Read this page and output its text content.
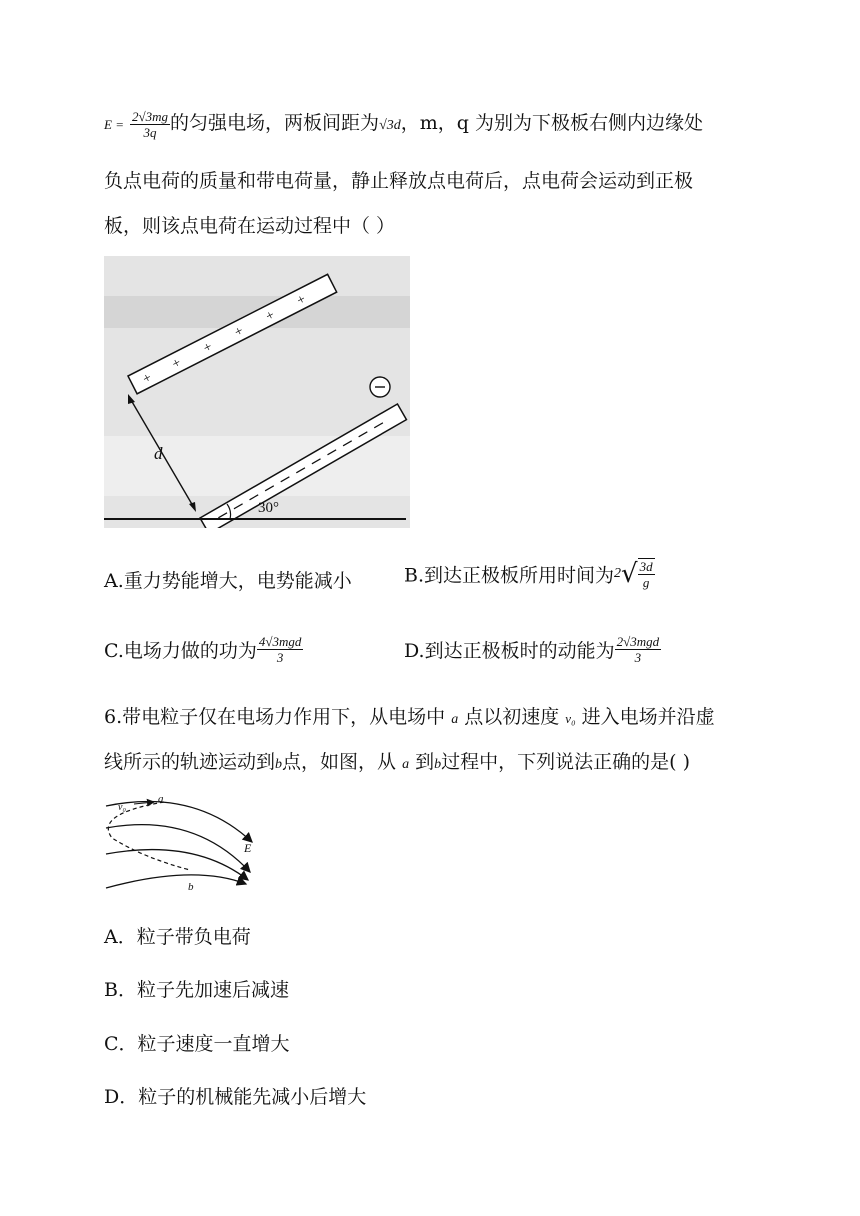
$E = \frac{2√3mg}{3q}$ 的匀强电场，两板间距为√3d，m，q 为别为下极板右侧内边缘处
负点电荷的质量和带电荷量，静止释放点电荷后，点电荷会运动到正极
板，则该点电荷在运动过程中（ ）
+
+
+
+
+
+
d
30°
A.重力势能增大，电势能减小	B.到达正极板所用时间为$2√ \frac{3d}{g}$
C.电场力做的功为 $\frac{\text{4√3mgd}}{3}$	D.到达正极板时的动能为 $\frac{\text{2√3mgd}}{3}$
6.带电粒子仅在电场力作用下，从电场中 a 点以初速度 v₀ 进入电场并沿虚
线所示的轨迹运动到b点，如图，从 a 到b过程中，下列说法正确的是( )
a
v₀
E
b
A．粒子带负电荷
B．粒子先加速后减速
C．粒子速度一直增大
D．粒子的机械能先减小后增大
